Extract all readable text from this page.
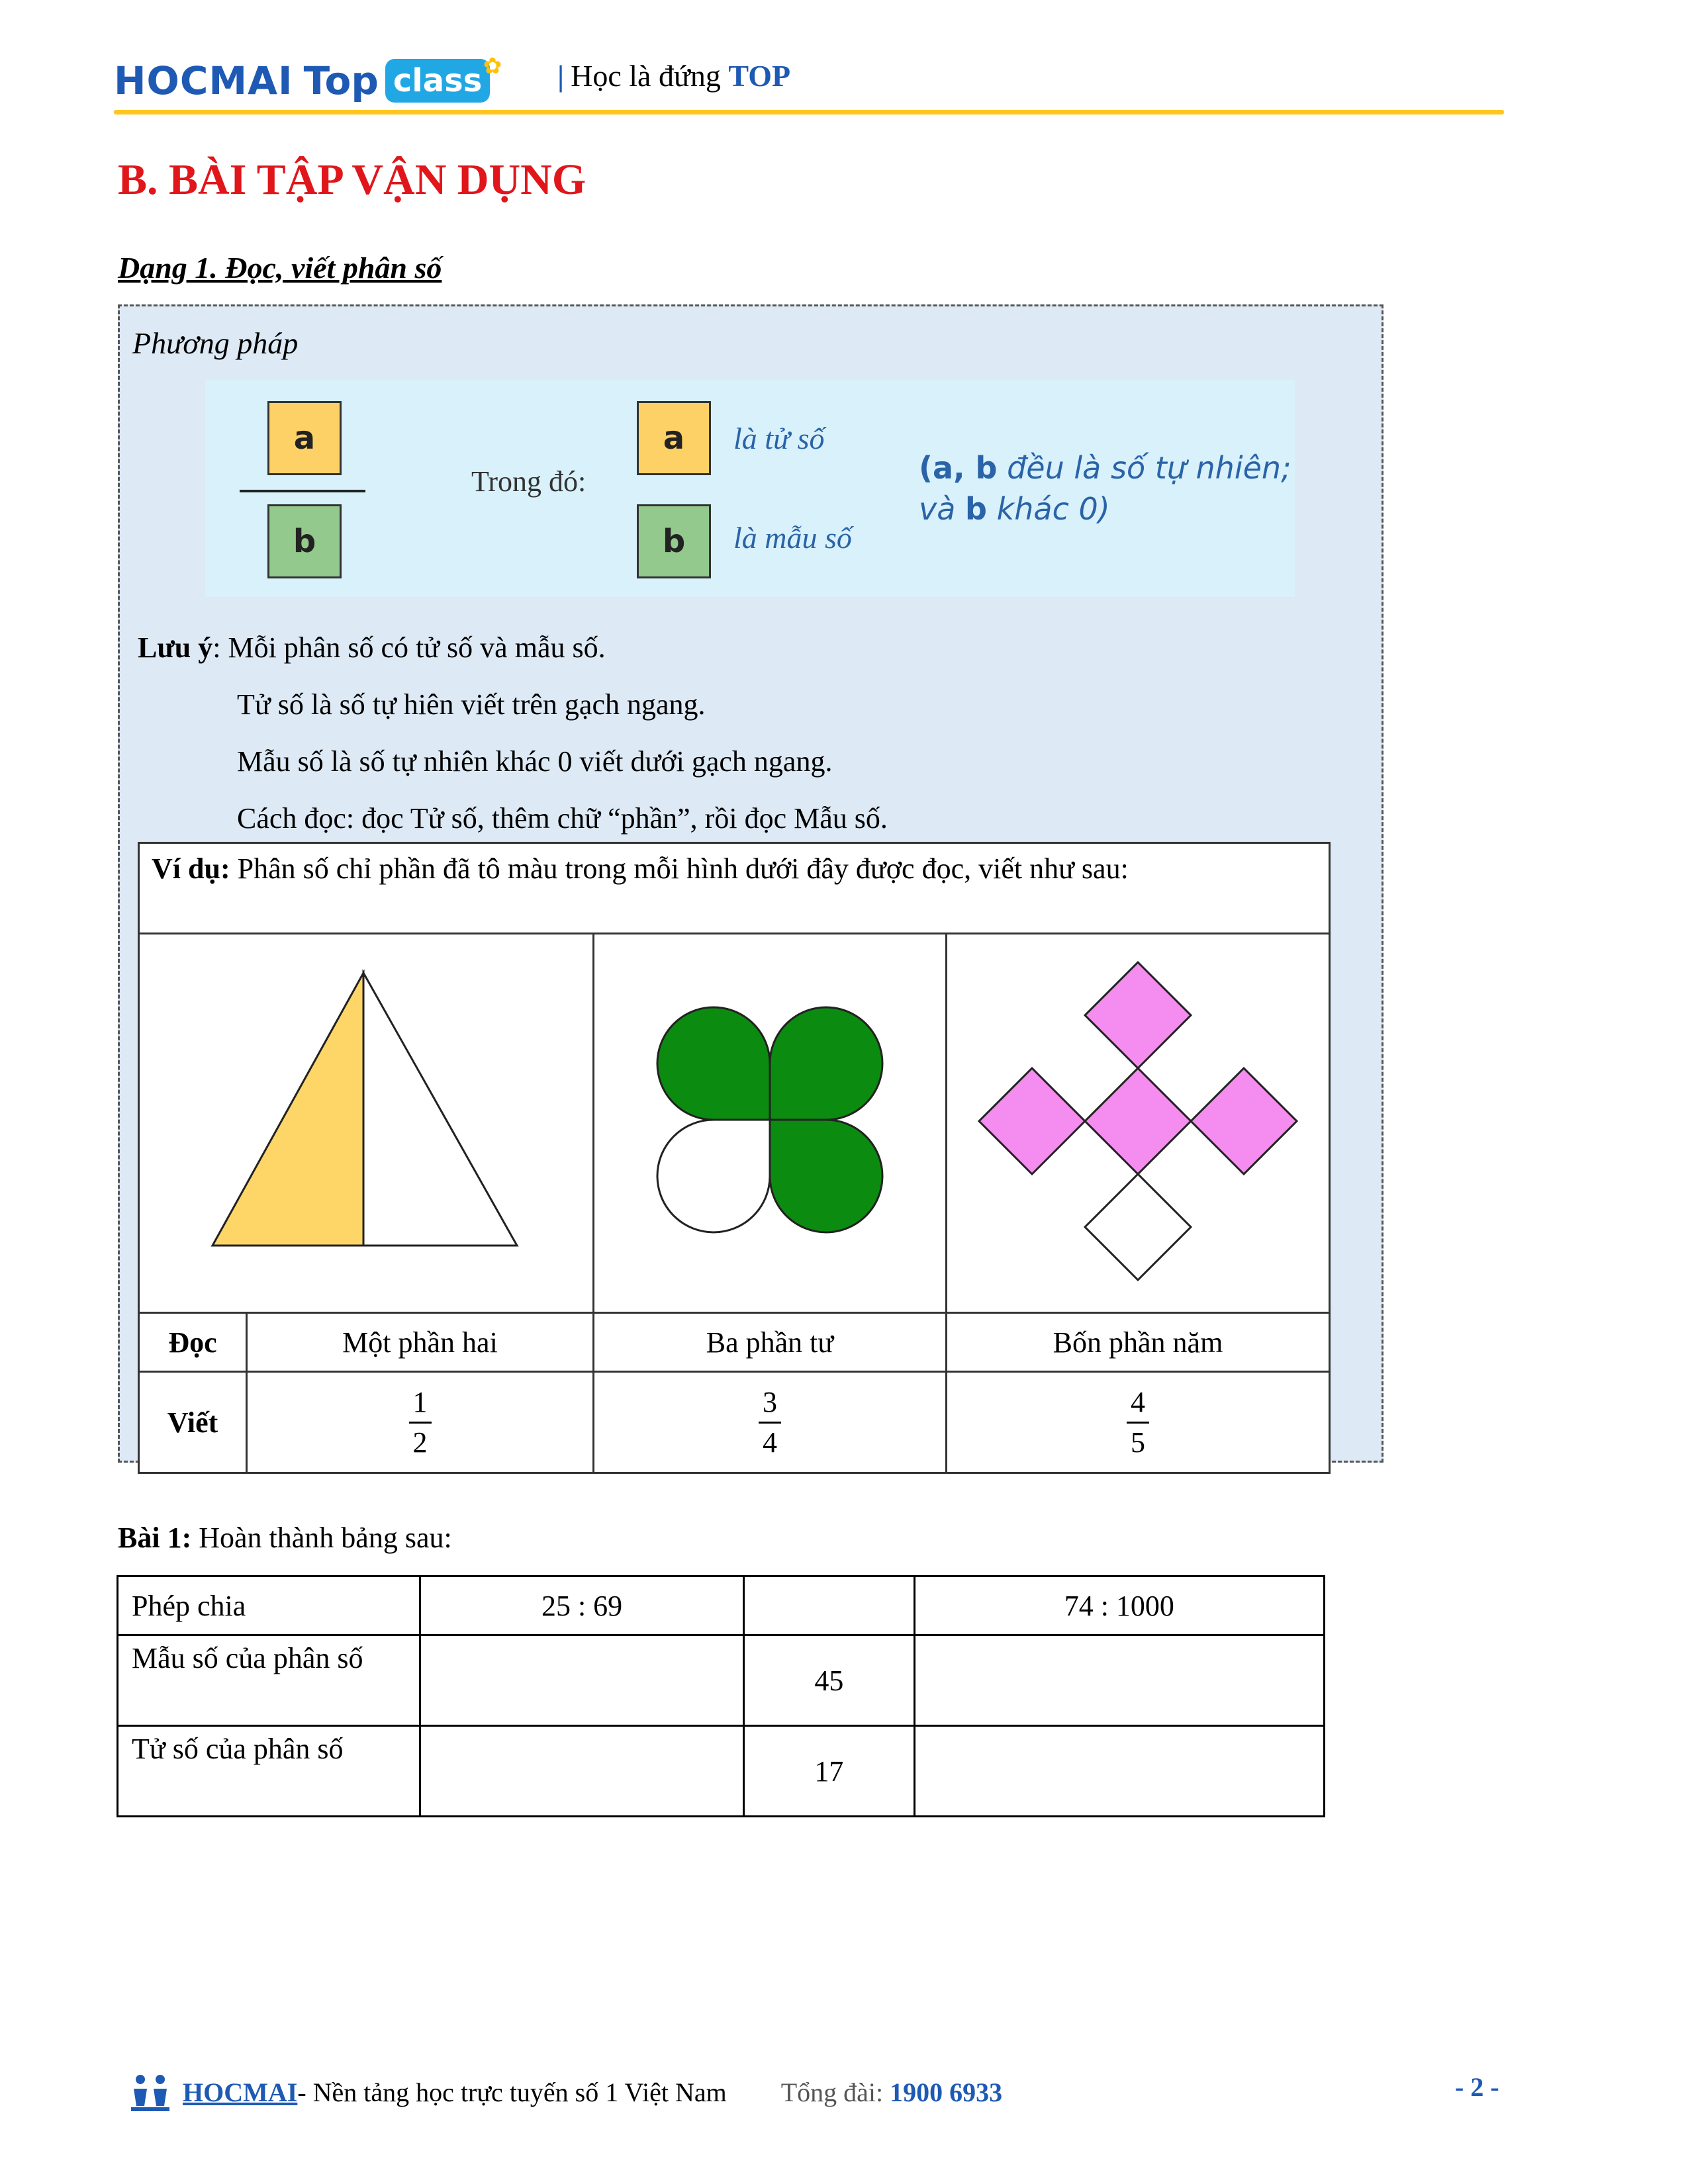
HOCMAI Top class ✿ | Học là đứng TOP
B. BÀI TẬP VẬN DỤNG
Dạng 1. Đọc, viết phân số
Phương pháp
a
b
Trong đó:
a	là tử số
b	là mẫu số
(a, b đều là số tự nhiên;
và b khác 0)
Lưu ý: Mỗi phân số có tử số và mẫu số.
Tử số là số tự hiên viết trên gạch ngang.
Mẫu số là số tự nhiên khác 0 viết dưới gạch ngang.
Cách đọc: đọc Tử số, thêm chữ “phần”, rồi đọc Mẫu số.
Ví dụ: Phân số chỉ phần đã tô màu trong mỗi hình dưới đây được đọc, viết như sau:			

Đọc	Một phần hai	Ba phần tư	Bốn phần năm
Viết	$\frac{1}{2}$	$\frac{3}{4}$	$\frac{4}{5}$
Bài 1: Hoàn thành bảng sau:
Phép chia	25 : 69		74 : 1000
Mẫu số của phân số		45	
Tử số của phân số		17	
HOCMAI - Nền tảng học trực tuyến số 1 Việt Nam Tổng đài: 1900 6933	- 2 -
